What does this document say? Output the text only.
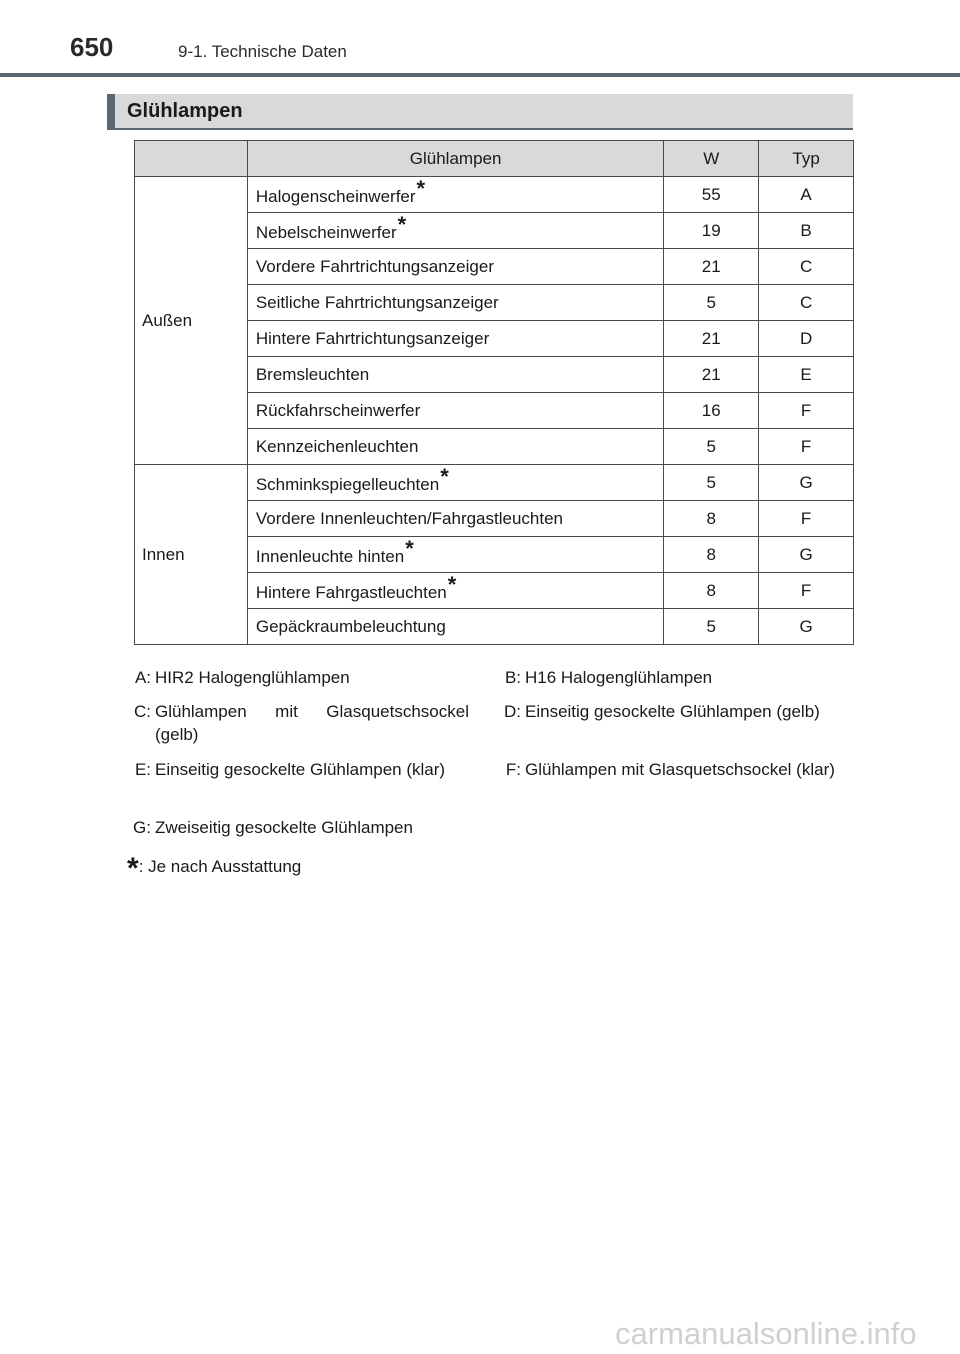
650	9-1. Technische Daten
Glühlampen
	Glühlampen	W	Typ
Außen	Halogenscheinwerfer*	55	A
	Nebelscheinwerfer*	19	B
	Vordere Fahrtrichtungsanzeiger	21	C
	Seitliche Fahrtrichtungsanzeiger	5	C
	Hintere Fahrtrichtungsanzeiger	21	D
	Bremsleuchten	21	E
	Rückfahrscheinwerfer	16	F
	Kennzeichenleuchten	5	F
Innen	Schminkspiegelleuchten*	5	G
	Vordere Innenleuchten/Fahrgastleuchten	8	F
	Innenleuchte hinten*	8	G
	Hintere Fahrgastleuchten*	8	F
	Gepäckraumbeleuchtung	5	G
A: HIR2 Halogenglühlampen	B: H16 Halogenglühlampen
C: Glühlampen mit Glasquetschsockel (gelb)
D: Einseitig gesockelte Glühlampen (gelb)
E: Einseitig gesockelte Glühlampen (klar)	F: Glühlampen mit Glasquetschsockel (klar)
G: Zweiseitig gesockelte Glühlampen
*: Je nach Ausstattung
carmanualsonline.info
